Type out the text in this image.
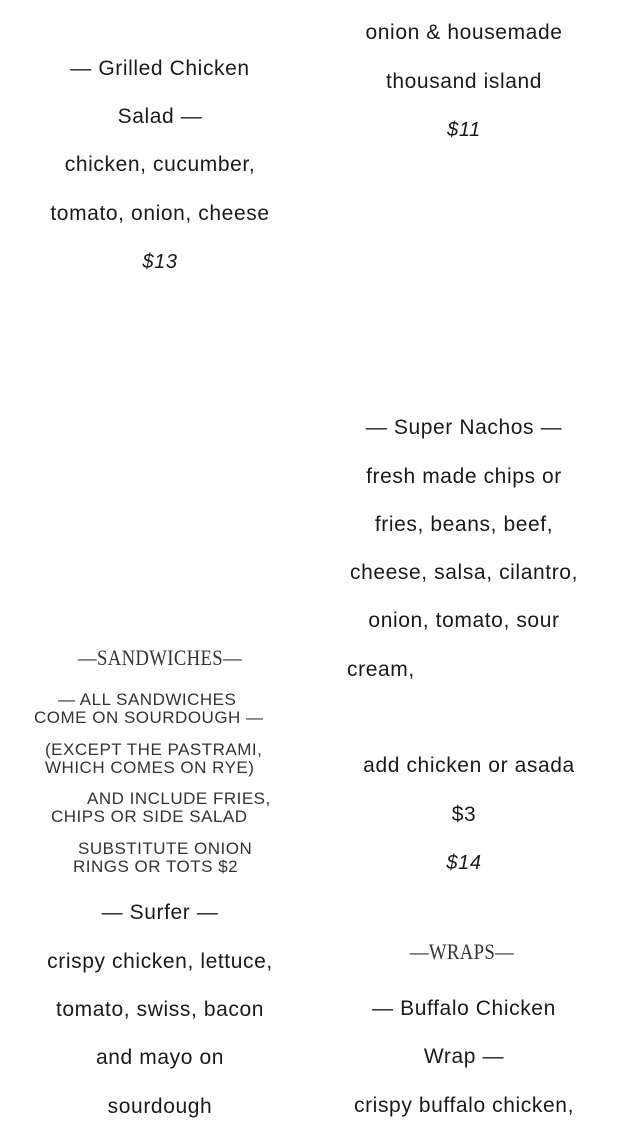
— Grilled Chicken
Salad —
chicken, cucumber,
tomato, onion, cheese
$13
—SANDWICHES—
— ALL SANDWICHES
COME ON SOURDOUGH —
(EXCEPT THE PASTRAMI,
WHICH COMES ON RYE)
AND INCLUDE FRIES,
CHIPS OR SIDE SALAD
SUBSTITUTE ONION
RINGS OR TOTS $2
— Surfer —
crispy chicken, lettuce,
tomato, swiss, bacon
and mayo on
sourdough
onion & housemade
thousand island
$11
— Super Nachos —
fresh made chips or
fries, beans, beef,
cheese, salsa, cilantro,
onion, tomato, sour
cream,
add chicken or asada
$3
$14
—WRAPS—
— Buffalo Chicken
Wrap —
crispy buffalo chicken,
